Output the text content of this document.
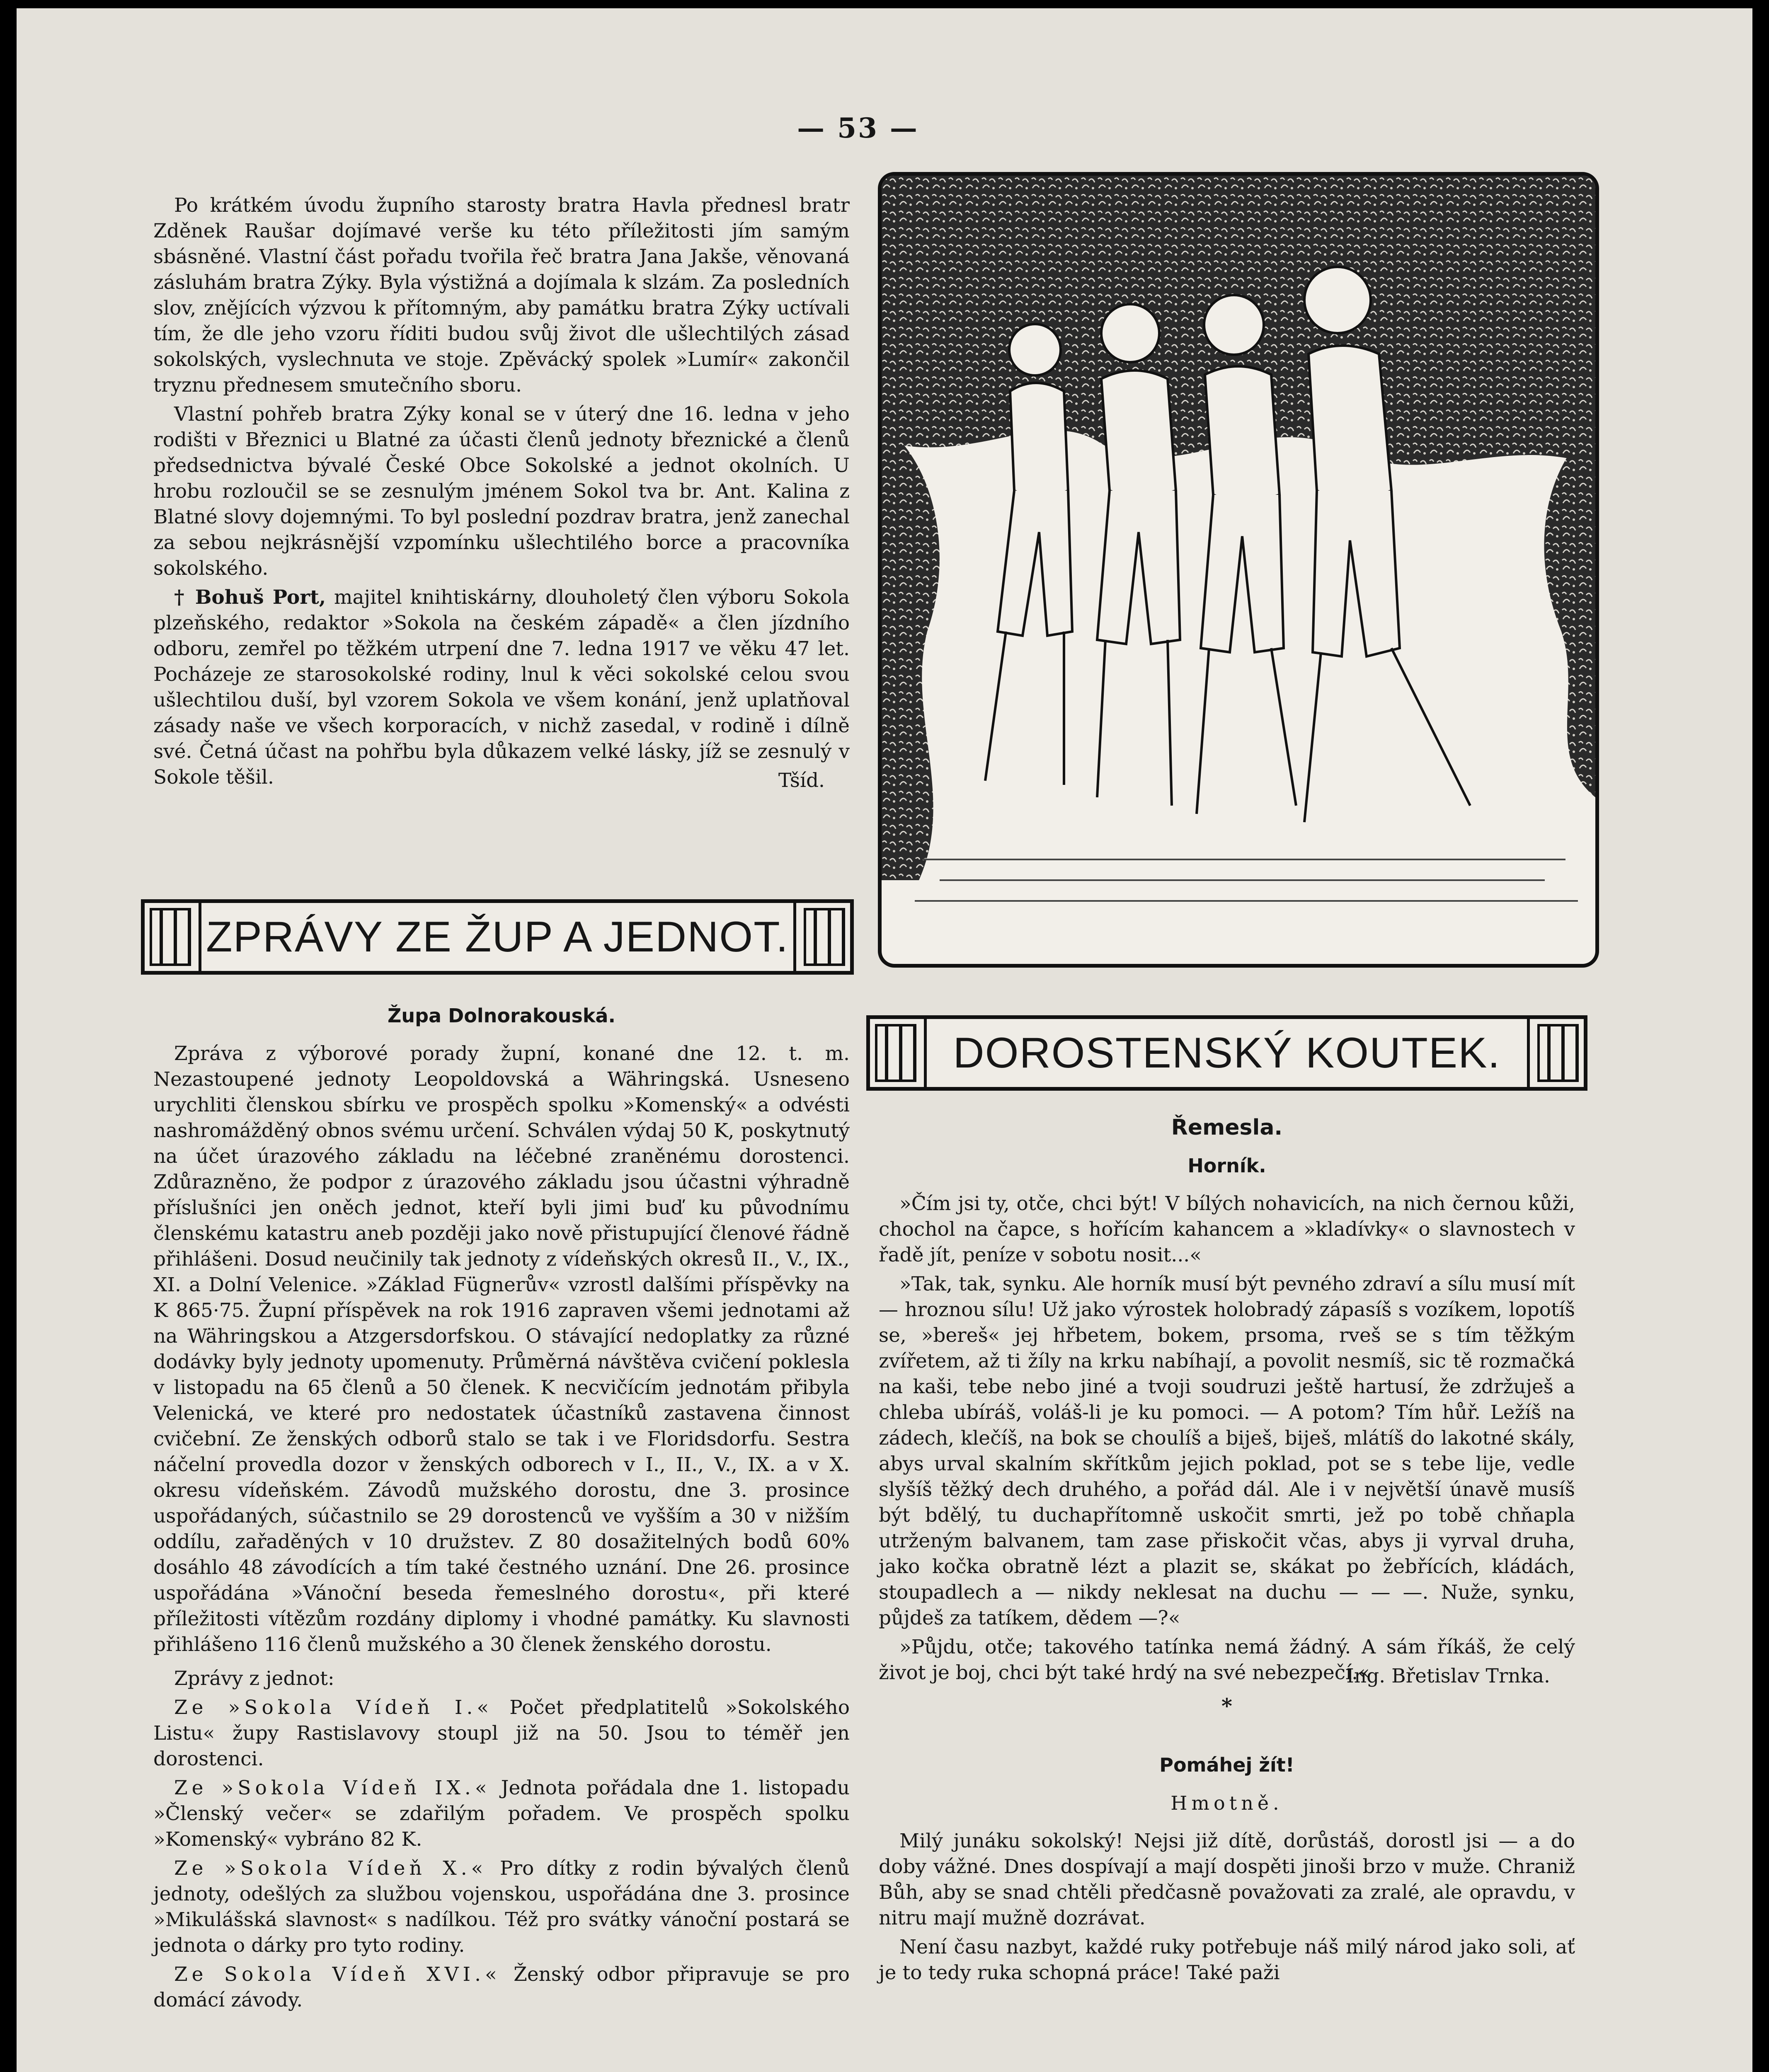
— 53 —

Po krátkém úvodu župního starosty bratra Havla přednesl bratr Zděnek Raušar dojímavé verše ku této příležitosti jím samým sbásněné. Vlastní část pořadu tvořila řeč bratra Jana Jakše, věnovaná zásluhám bratra Zýky. Byla výstižná a dojímala k slzám. Za posledních slov, znějících výzvou k přítomným, aby památku bratra Zýky uctívali tím, že dle jeho vzoru říditi budou svůj život dle ušlechtilých zásad sokolských, vyslechnuta ve stoje. Zpěvácký spolek »Lumír« zakončil tryznu přednesem smutečního sboru.

Vlastní pohřeb bratra Zýky konal se v úterý dne 16. ledna v jeho rodišti v Březnici u Blatné za účasti členů jednoty březnické a členů předsednictva bývalé České Obce Sokolské a jednot okolních. U hrobu rozloučil se se zesnulým jménem Sokol tva br. Ant. Kalina z Blatné slovy dojemnými. To byl poslední pozdrav bratra, jenž zanechal za sebou nejkrásnější vzpomínku ušlechtilého borce a pracovníka sokolského.

† Bohuš Port, majitel knihtiskárny, dlouholetý člen výboru Sokola plzeňského, redaktor »Sokola na českém západě« a člen jízdního odboru, zemřel po těžkém utrpení dne 7. ledna 1917 ve věku 47 let. Pocházeje ze starosokolské rodiny, lnul k věci sokolské celou svou ušlechtilou duší, byl vzorem Sokola ve všem konání, jenž uplatňoval zásady naše ve všech korporacích, v nichž zasedal, v rodině i dílně své. Četná účast na pohřbu byla důkazem velké lásky, jíž se zesnulý v Sokole těšil.	Tšíd.
ZPRÁVY ZE ŽUP A JEDNOT.
Župa Dolnorakouská.

Zpráva z výborové porady župní, konané dne 12. t. m. Nezastoupené jednoty Leopoldovská a Währingská. Usneseno urychliti členskou sbírku ve prospěch spolku »Komenský« a odvésti nashromážděný obnos svému určení. Schválen výdaj 50 K, poskytnutý na účet úrazového základu na léčebné zraněnému dorostenci. Zdůrazněno, že podpor z úrazového základu jsou účastni výhradně příslušníci jen oněch jednot, kteří byli jimi buď ku původnímu členskému katastru aneb později jako nově přistupující členové řádně přihlášeni. Dosud neučinily tak jednoty z vídeňských okresů II., V., IX., XI. a Dolní Velenice. »Základ Fügnerův« vzrostl dalšími příspěvky na K 865·75. Župní příspěvek na rok 1916 zapraven všemi jednotami až na Währingskou a Atzgersdorfskou. O stávající nedoplatky za různé dodávky byly jednoty upomenuty. Průměrná návštěva cvičení poklesla v listopadu na 65 členů a 50 členek. K necvičícím jednotám přibyla Velenická, ve které pro nedostatek účastníků zastavena činnost cvičební. Ze ženských odborů stalo se tak i ve Floridsdorfu. Sestra náčelní provedla dozor v ženských odborech v I., II., V., IX. a v X. okresu vídeňském. Závodů mužského dorostu, dne 3. prosince uspořádaných, súčastnilo se 29 dorostenců ve vyšším a 30 v nižším oddílu, zařaděných v 10 družstev. Z 80 dosažitelných bodů 60% dosáhlo 48 závodících a tím také čestného uznání. Dne 26. prosince uspořádána »Vánoční beseda řemeslného dorostu«, při které příležitosti vítězům rozdány diplomy i vhodné památky. Ku slavnosti přihlášeno 116 členů mužského a 30 členek ženského dorostu.

Zprávy z jednot:

Ze »Sokola Vídeň I.« Počet předplatitelů »Sokolského Listu« župy Rastislavovy stoupl již na 50. Jsou to téměř jen dorostenci.

Ze »Sokola Vídeň IX.« Jednota pořádala dne 1. listopadu »Členský večer« se zdařilým pořadem. Ve prospěch spolku »Komenský« vybráno 82 K.

Ze »Sokola Vídeň X.« Pro dítky z rodin bývalých členů jednoty, odešlých za službou vojenskou, uspořádána dne 3. prosince »Mikulášská slavnost« s nadílkou. Též pro svátky vánoční postará se jednota o dárky pro tyto rodiny.

Ze Sokola Vídeň XVI.« Ženský odbor připravuje se pro domácí závody.

DOROSTENSKÝ KOUTEK.
Řemesla.
Horník.

»Čím jsi ty, otče, chci být! V bílých nohavicích, na nich černou kůži, chochol na čapce, s hořícím kahancem a »kladívky« o slavnostech v řadě jít, peníze v sobotu nosit...«

»Tak, tak, synku. Ale horník musí být pevného zdraví a sílu musí mít — hroznou sílu! Už jako výrostek holobradý zápasíš s vozíkem, lopotíš se, »bereš« jej hřbetem, bokem, prsoma, rveš se s tím těžkým zvířetem, až ti žíly na krku nabíhají, a povolit nesmíš, sic tě rozmačká na kaši, tebe nebo jiné a tvoji soudruzi ještě hartusí, že zdržuješ a chleba ubíráš, voláš-li je ku pomoci. — A potom? Tím hůř. Ležíš na zádech, klečíš, na bok se choulíš a biješ, biješ, mlátíš do lakotné skály, abys urval skalním skřítkům jejich poklad, pot se s tebe lije, vedle slyšíš těžký dech druhého, a pořád dál. Ale i v největší únavě musíš být bdělý, tu duchapřítomně uskočit smrti, jež po tobě chňapla utrženým balvanem, tam zase přiskočit včas, abys ji vyrval druha, jako kočka obratně lézt a plazit se, skákat po žebřících, kládách, stoupadlech a — nikdy neklesat na duchu — — —. Nuže, synku, půjdeš za tatíkem, dědem —?«

»Půjdu, otče; takového tatínka nemá žádný. A sám říkáš, že celý život je boj, chci být také hrdý na své nebezpečí.«

Ing. Břetislav Trnka.
*
Pomáhej žít!
Hmotně.

Milý junáku sokolský! Nejsi již dítě, dorůstáš, dorostl jsi — a do doby vážné. Dnes dospívají a mají dospěti jinoši brzo v muže. Chraniž Bůh, aby se snad chtěli předčasně považovati za zralé, ale opravdu, v nitru mají mužně dozrávat.

Není času nazbyt, každé ruky potřebuje náš milý národ jako soli, ať je to tedy ruka schopná práce! Také paži
